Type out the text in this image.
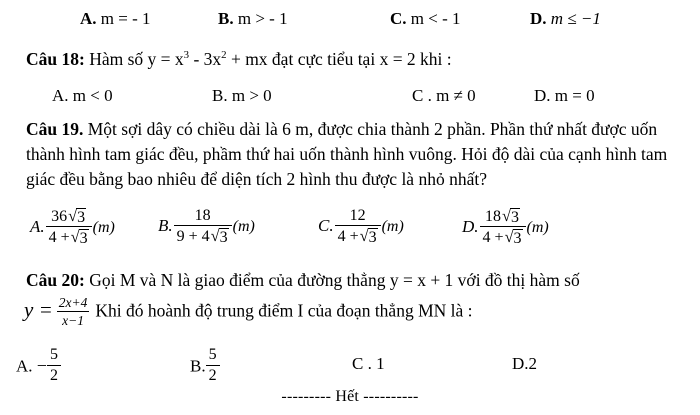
A. m = - 1	B. m > - 1	C. m < - 1	D. m ≤ −1
Câu 18: Hàm số $y = x^3 - 3x^2$ + mx đạt cực tiểu tại x = 2 khi :
A. m < 0	B. m > 0	C . m ≠ 0	D. m = 0
Câu 19. Một sợi dây có chiều dài là 6 m, được chia thành 2 phần. Phần thứ nhất được uốn thành hình tam giác đều, phầm thứ hai uốn thành hình vuông. Hỏi độ dài của cạnh hình tam giác đều bằng bao nhiêu để diện tích 2 hình thu được là nhỏ nhất?
A. $\frac{36√3}{4 +√3} (m)$	B. $\frac{18}{9 + 4√3} (m)$	C. $\frac{12}{4 +√3} (m)$	D. $\frac{18√3}{4 +√3} (m)$
Câu 20: Gọi M và N là giao điểm của đường thẳng y = x + 1 với đồ thị hàm số
$y = \frac{2x+4}{x-1}$ Khi đó hoành độ trung điểm I của đoạn thẳng MN là :
A. − $\frac{5}{2}$	B. $\frac{5}{2}$	C . 1	D.2
--------- Hết ----------
